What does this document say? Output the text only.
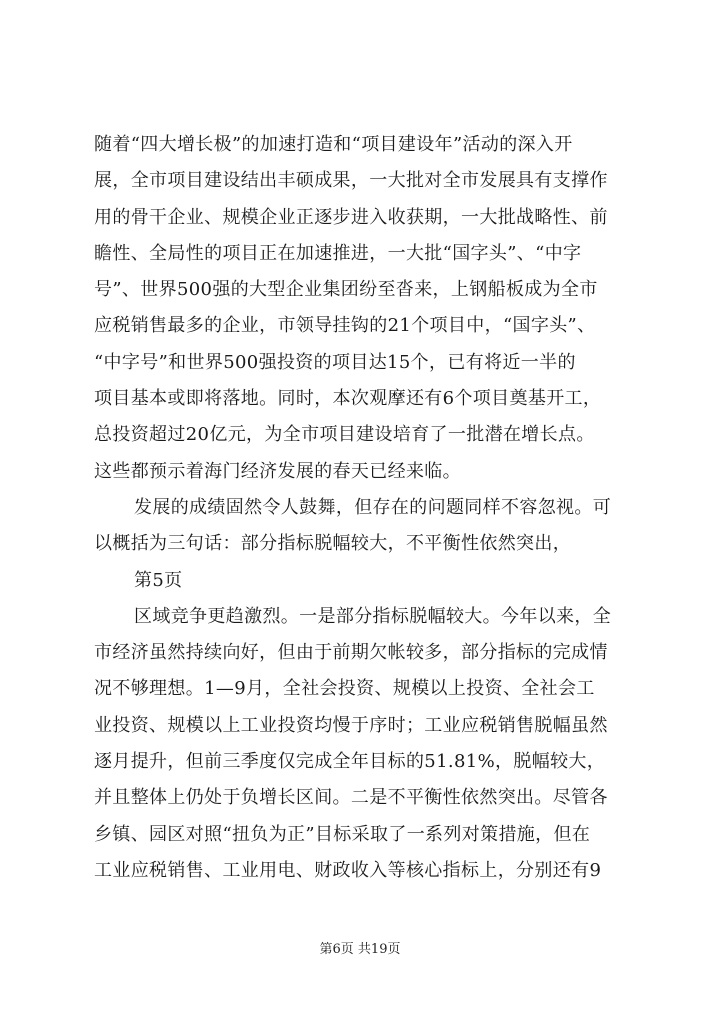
随着“四大增长极”的加速打造和“项目建设年”活动的深入开
展，全市项目建设结出丰硕成果，一大批对全市发展具有支撑作
用的骨干企业、规模企业正逐步进入收获期，一大批战略性、前
瞻性、全局性的项目正在加速推进，一大批“国字头”、“中字
号”、世界500强的大型企业集团纷至沓来，上钢船板成为全市
应税销售最多的企业，市领导挂钩的21个项目中，“国字头”、
“中字号”和世界500强投资的项目达15个，已有将近一半的
项目基本或即将落地。同时，本次观摩还有6个项目奠基开工，
总投资超过20亿元，为全市项目建设培育了一批潜在增长点。
这些都预示着海门经济发展的春天已经来临。
发展的成绩固然令人鼓舞，但存在的问题同样不容忽视。可
以概括为三句话：部分指标脱幅较大，不平衡性依然突出，
第5页
区域竞争更趋激烈。一是部分指标脱幅较大。今年以来，全
市经济虽然持续向好，但由于前期欠帐较多，部分指标的完成情
况不够理想。1—9月，全社会投资、规模以上投资、全社会工
业投资、规模以上工业投资均慢于序时；工业应税销售脱幅虽然
逐月提升，但前三季度仅完成全年目标的51.81%，脱幅较大，
并且整体上仍处于负增长区间。二是不平衡性依然突出。尽管各
乡镇、园区对照“扭负为正”目标采取了一系列对策措施，但在
工业应税销售、工业用电、财政收入等核心指标上，分别还有9
第6页 共19页
